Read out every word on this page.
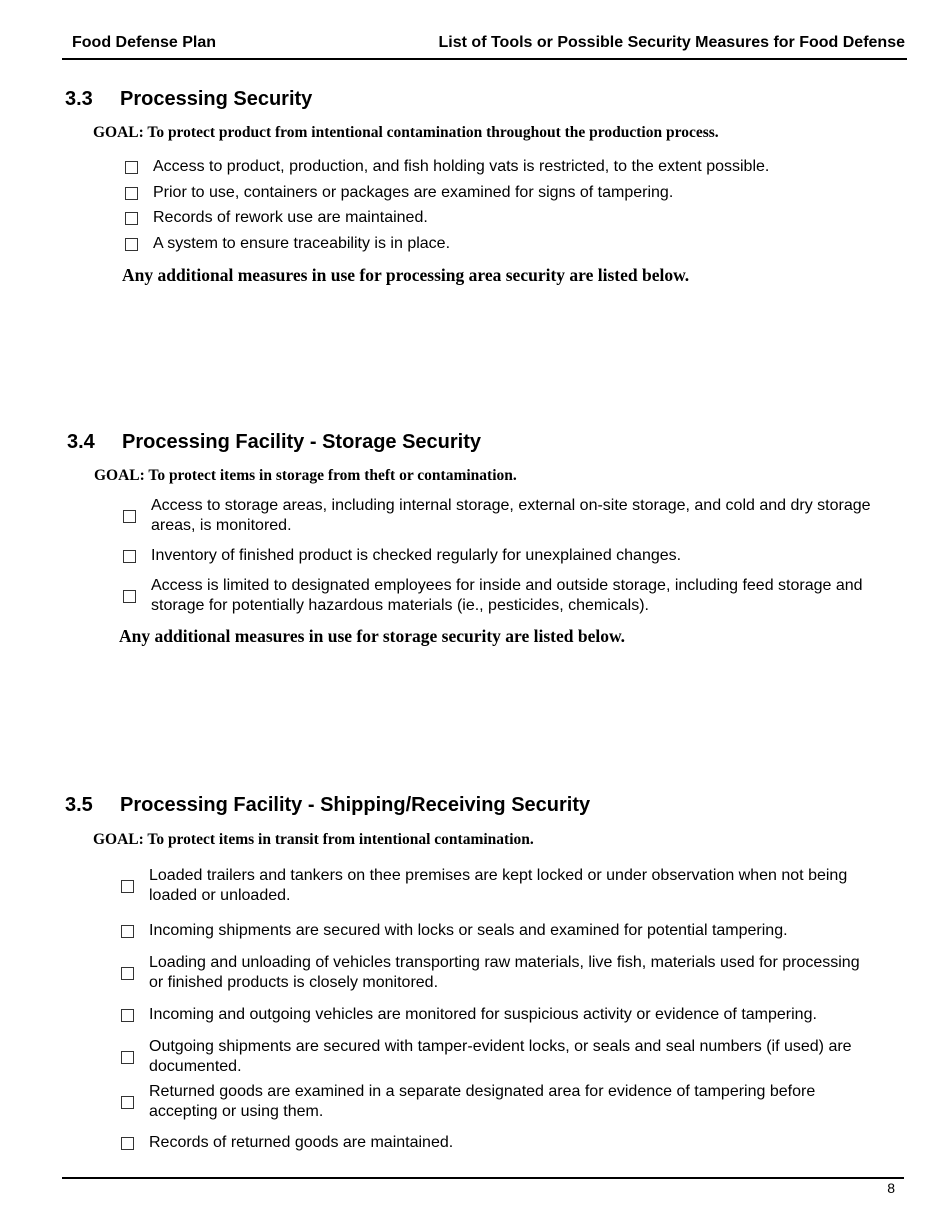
Food Defense Plan	List of Tools or Possible Security Measures for Food Defense
3.3 Processing Security
GOAL: To protect product from intentional contamination throughout the production process.
Access to product, production, and fish holding vats is restricted, to the extent possible.
Prior to use, containers or packages are examined for signs of tampering.
Records of rework use are maintained.
A system to ensure traceability is in place.
Any additional measures in use for processing area security are listed below.
3.4 Processing Facility - Storage Security
GOAL: To protect items in storage from theft or contamination.
Access to storage areas, including internal storage, external on-site storage, and cold and dry storage areas, is monitored.
Inventory of finished product is checked regularly for unexplained changes.
Access is limited to designated employees for inside and outside storage, including feed storage and storage for potentially hazardous materials (ie., pesticides, chemicals).
Any additional measures in use for storage security are listed below.
3.5 Processing Facility - Shipping/Receiving Security
GOAL: To protect items in transit from intentional contamination.
Loaded trailers and tankers on thee premises are kept locked or under observation when not being loaded or unloaded.
Incoming shipments are secured with locks or seals and examined for potential tampering.
Loading and unloading of vehicles transporting raw materials, live fish, materials used for processing or finished products is closely monitored.
Incoming and outgoing vehicles are monitored for suspicious activity or evidence of tampering.
Outgoing shipments are secured with tamper-evident locks, or seals and seal numbers (if used) are documented.
Returned goods are examined in a separate designated area for evidence of tampering before accepting or using them.
Records of returned goods are maintained.
8
